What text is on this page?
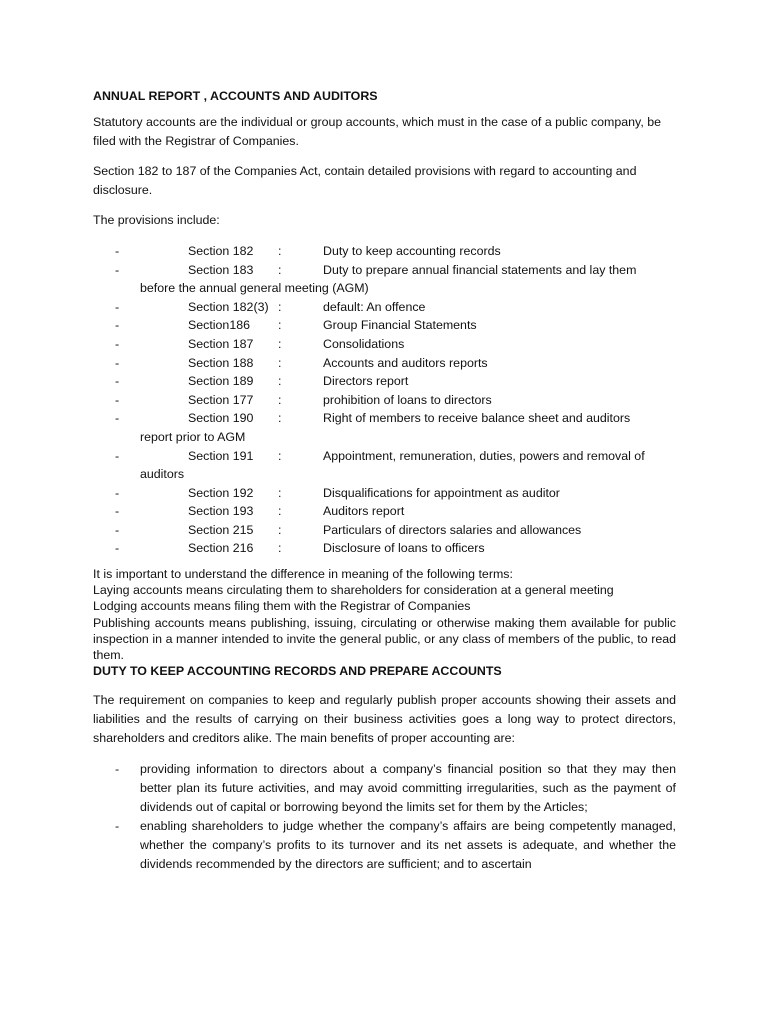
ANNUAL REPORT , ACCOUNTS AND AUDITORS

Statutory accounts are the individual or group accounts, which must in the case of a public company, be filed with the Registrar of Companies.

Section 182 to 187 of the Companies Act, contain detailed provisions with regard to accounting and disclosure.

The provisions include:

-	Section 182	:	Duty to keep accounting records
-	Section 183	:	Duty to prepare annual financial statements and lay them
before the annual general meeting (AGM)
-	Section 182(3) :	default: An offence
-	Section186	:	Group Financial Statements
-	Section 187	:	Consolidations
-	Section 188	:	Accounts and auditors reports
-	Section 189	:	Directors report
-	Section 177	:	prohibition of loans to directors
-	Section 190	:	Right of members to receive balance sheet and auditors
report prior to AGM
-	Section 191	:	Appointment, remuneration, duties, powers and removal of
auditors
-	Section 192	:	Disqualifications for appointment as auditor
-	Section 193	:	Auditors report
-	Section 215	:	Particulars of directors salaries and allowances
-	Section 216	:	Disclosure of loans to officers
It is important to understand the difference in meaning of the following terms:
Laying accounts means circulating them to shareholders for consideration at a general meeting
Lodging accounts means filing them with the Registrar of Companies
Publishing accounts means publishing, issuing, circulating or otherwise making them available for public inspection in a manner intended to invite the general public, or any class of members of the public, to read them.
DUTY TO KEEP ACCOUNTING RECORDS AND PREPARE ACCOUNTS

The requirement on companies to keep and regularly publish proper accounts showing their assets and liabilities and the results of carrying on their business activities goes a long way to protect directors, shareholders and creditors alike. The main benefits of proper accounting are:

-	providing information to directors about a company’s financial position so that they may then better plan its future activities, and may avoid committing irregularities, such as the payment of dividends out of capital or borrowing beyond the limits set for them by the Articles;
-	enabling shareholders to judge whether the company’s affairs are being competently managed, whether the company’s profits to its turnover and its net assets is adequate, and whether the dividends recommended by the directors are sufficient; and to ascertain
